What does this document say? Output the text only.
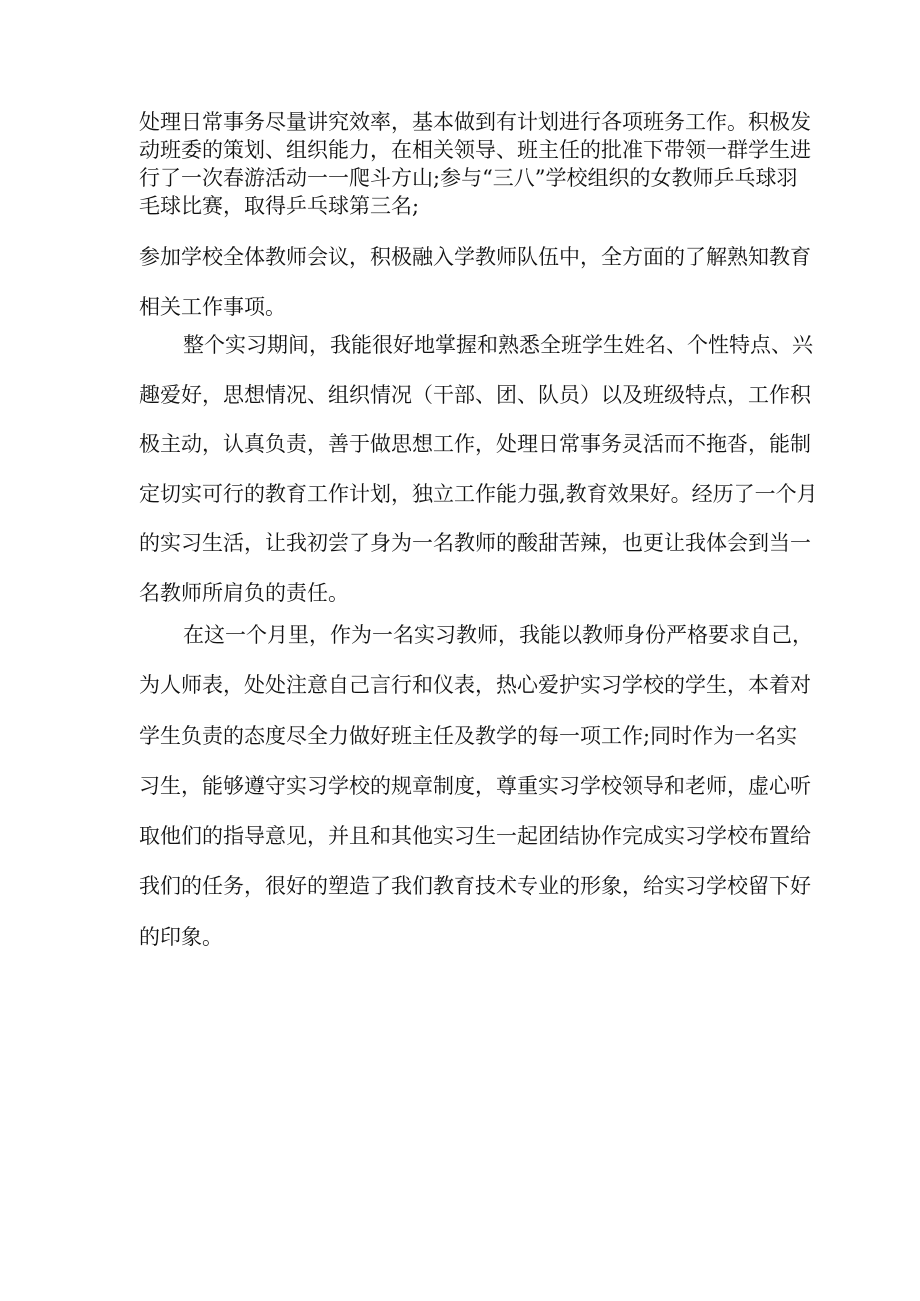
处理日常事务尽量讲究效率，基本做到有计划进行各项班务工作。积极发
动班委的策划、组织能力，在相关领导、班主任的批准下带领一群学生进
行了一次春游活动一一爬斗方山;参与“三八”学校组织的女教师乒乓球羽
毛球比赛，取得乒乓球第三名;

参加学校全体教师会议，积极融入学教师队伍中，全方面的了解熟知教育
相关工作事项。

整个实习期间，我能很好地掌握和熟悉全班学生姓名、个性特点、兴
趣爱好，思想情况、组织情况（干部、团、队员）以及班级特点，工作积
极主动，认真负责，善于做思想工作，处理日常事务灵活而不拖沓，能制
定切实可行的教育工作计划，独立工作能力强,教育效果好。经历了一个月
的实习生活，让我初尝了身为一名教师的酸甜苦辣，也更让我体会到当一
名教师所肩负的责任。

在这一个月里，作为一名实习教师，我能以教师身份严格要求自己，
为人师表，处处注意自己言行和仪表，热心爱护实习学校的学生，本着对
学生负责的态度尽全力做好班主任及教学的每一项工作;同时作为一名实
习生，能够遵守实习学校的规章制度，尊重实习学校领导和老师，虚心听
取他们的指导意见，并且和其他实习生一起团结协作完成实习学校布置给
我们的任务，很好的塑造了我们教育技术专业的形象，给实习学校留下好
的印象。
